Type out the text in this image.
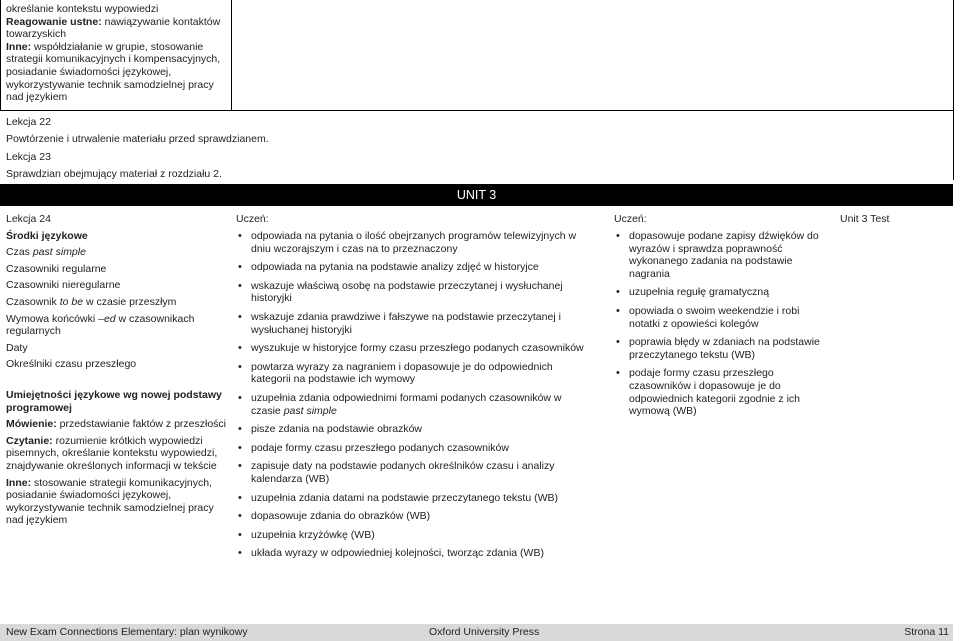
określanie kontekstu wypowiedzi

Reagowanie ustne: nawiązywanie kontaktów towarzyskich

Inne: współdziałanie w grupie, stosowanie strategii komunikacyjnych i kompensacyjnych, posiadanie świadomości językowej, wykorzystywanie technik samodzielnej pracy nad językiem

Lekcja 22

Powtórzenie i utrwalenie materiału przed sprawdzianem.

Lekcja 23

Sprawdzian obejmujący materiał z rozdziału 2.

UNIT 3

Lekcja 24

Środki językowe

Czas past simple

Czasowniki regularne

Czasowniki nieregularne

Czasownik to be w czasie przeszłym

Wymowa końcówki –ed w czasownikach regularnych

Daty

Określniki czasu przeszłego

Umiejętności językowe wg nowej podstawy programowej

Mówienie: przedstawianie faktów z przeszłości

Czytanie: rozumienie krótkich wypowiedzi pisemnych, określanie kontekstu wypowiedzi, znajdywanie określonych informacji w tekście

Inne: stosowanie strategii komunikacyjnych, posiadanie świadomości językowej, wykorzystywanie technik samodzielnej pracy nad językiem

Uczeń:

• odpowiada na pytania o ilość obejrzanych programów telewizyjnych w dniu wczorajszym i czas na to przeznaczony
• odpowiada na pytania na podstawie analizy zdjęć w historyjce
• wskazuje właściwą osobę na podstawie przeczytanej i wysłuchanej historyjki
• wskazuje zdania prawdziwe i fałszywe na podstawie przeczytanej i wysłuchanej historyjki
• wyszukuje w historyjce formy czasu przeszłego podanych czasowników
• powtarza wyrazy za nagraniem i dopasowuje je do odpowiednich kategorii na podstawie ich wymowy
• uzupełnia zdania odpowiednimi formami podanych czasowników w czasie past simple
• pisze zdania na podstawie obrazków
• podaje formy czasu przeszłego podanych czasowników
• zapisuje daty na podstawie podanych określników czasu i analizy kalendarza (WB)
• uzupełnia zdania datami na podstawie przeczytanego tekstu (WB)
• dopasowuje zdania do obrazków (WB)
• uzupełnia krzyżówkę (WB)
• układa wyrazy w odpowiedniej kolejności, tworząc zdania (WB)

Uczeń:

• dopasowuje podane zapisy dźwięków do wyrazów i sprawdza poprawność wykonanego zadania na podstawie nagrania
• uzupełnia regułę gramatyczną
• opowiada o swoim weekendzie i robi notatki z opowieści kolegów
• poprawia błędy w zdaniach na podstawie przeczytanego tekstu (WB)
• podaje formy czasu przeszłego czasowników i dopasowuje je do odpowiednich kategorii zgodnie z ich wymową (WB)

Unit 3 Test

New Exam Connections Elementary: plan wynikowy	Oxford University Press	Strona 11
